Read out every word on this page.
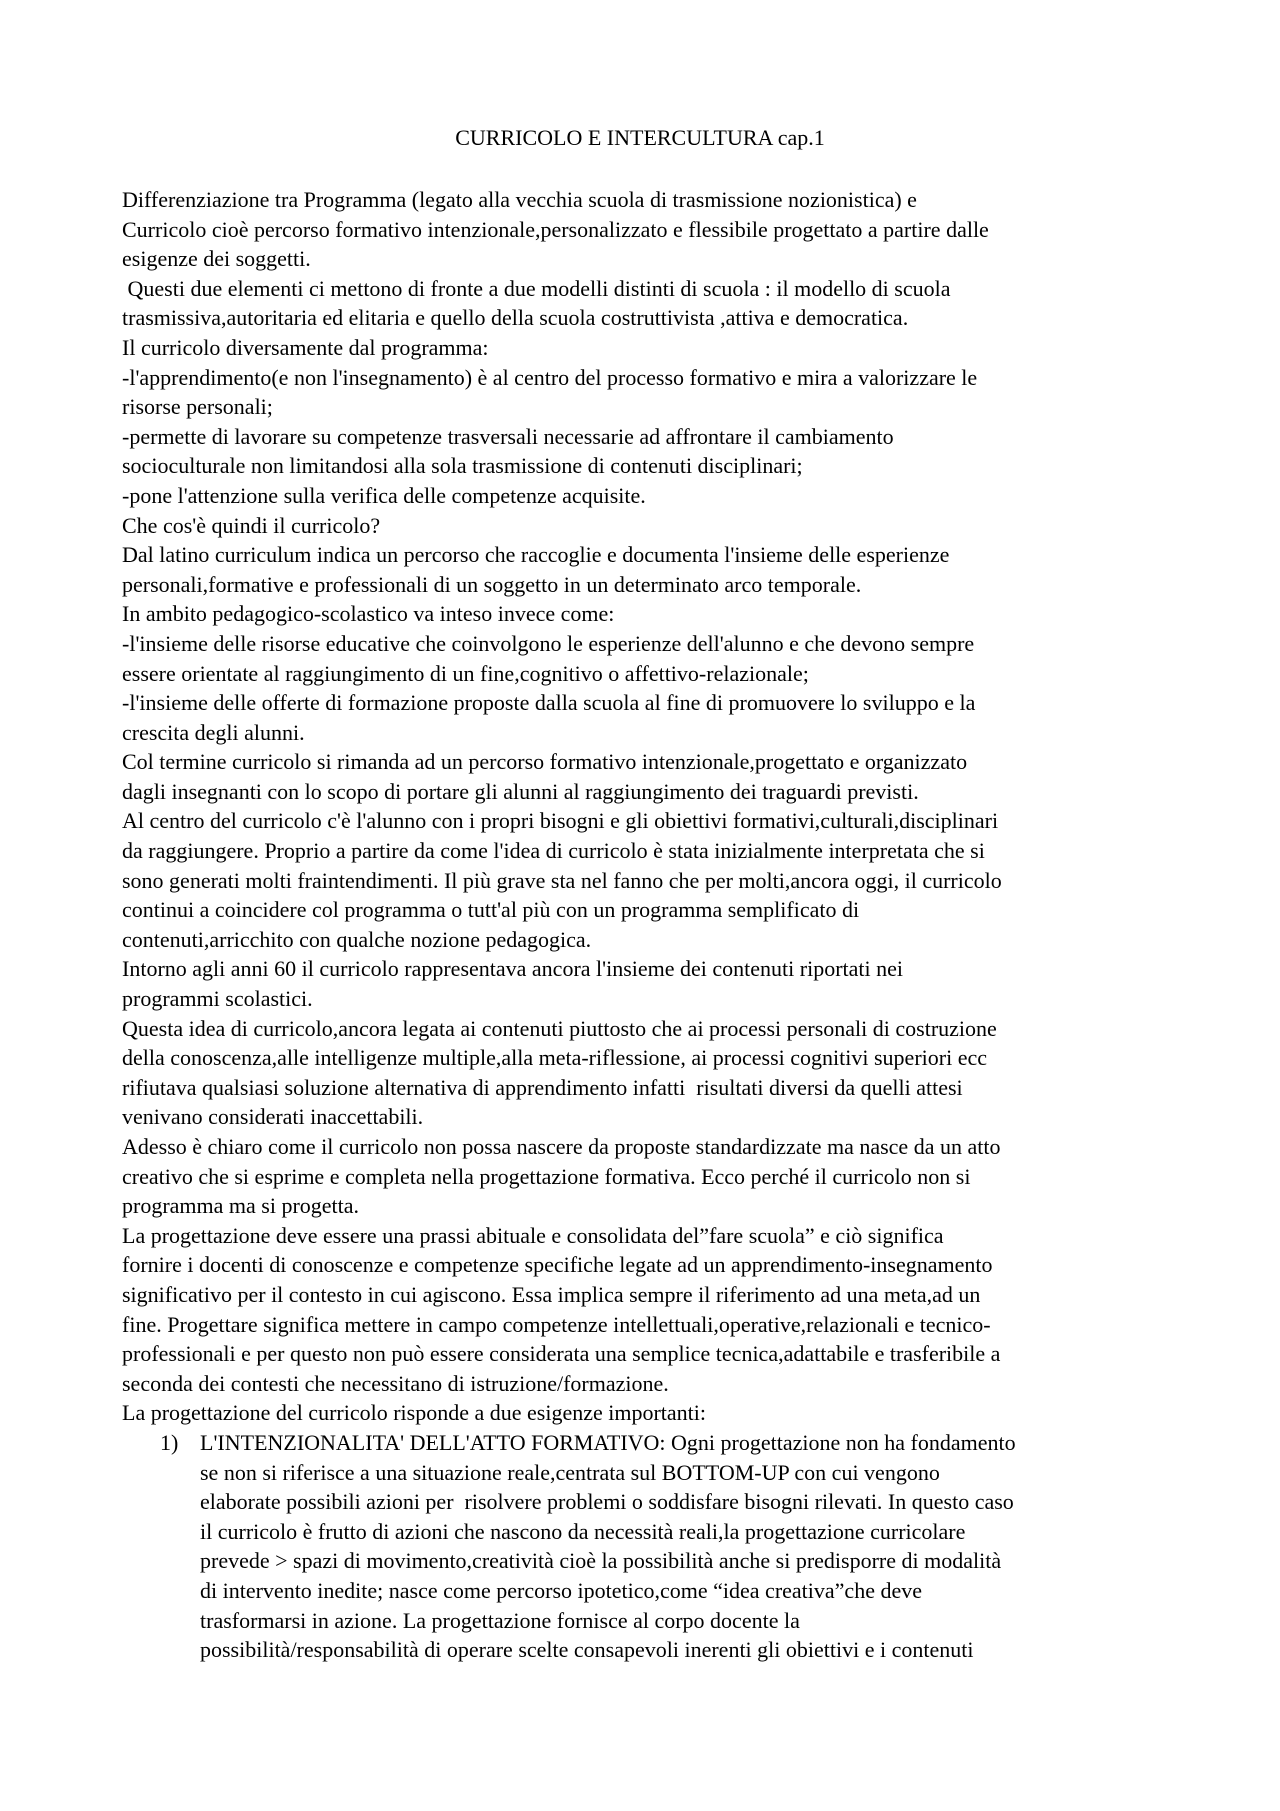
CURRICOLO E INTERCULTURA cap.1
Differenziazione tra Programma (legato alla vecchia scuola di trasmissione nozionistica) e
Curricolo cioè percorso formativo intenzionale,personalizzato e flessibile progettato a partire dalle
esigenze dei soggetti.
Questi due elementi ci mettono di fronte a due modelli distinti di scuola : il modello di scuola
trasmissiva,autoritaria ed elitaria e quello della scuola costruttivista ,attiva e democratica.
Il curricolo diversamente dal programma:
-l'apprendimento(e non l'insegnamento) è al centro del processo formativo e mira a valorizzare le
risorse personali;
-permette di lavorare su competenze trasversali necessarie ad affrontare il cambiamento
socioculturale non limitandosi alla sola trasmissione di contenuti disciplinari;
-pone l'attenzione sulla verifica delle competenze acquisite.
Che cos'è quindi il curricolo?
Dal latino curriculum indica un percorso che raccoglie e documenta l'insieme delle esperienze
personali,formative e professionali di un soggetto in un determinato arco temporale.
In ambito pedagogico-scolastico va inteso invece come:
-l'insieme delle risorse educative che coinvolgono le esperienze dell'alunno e che devono sempre
essere orientate al raggiungimento di un fine,cognitivo o affettivo-relazionale;
-l'insieme delle offerte di formazione proposte dalla scuola al fine di promuovere lo sviluppo e la
crescita degli alunni.
Col termine curricolo si rimanda ad un percorso formativo intenzionale,progettato e organizzato
dagli insegnanti con lo scopo di portare gli alunni al raggiungimento dei traguardi previsti.
Al centro del curricolo c'è l'alunno con i propri bisogni e gli obiettivi formativi,culturali,disciplinari
da raggiungere. Proprio a partire da come l'idea di curricolo è stata inizialmente interpretata che si
sono generati molti fraintendimenti. Il più grave sta nel fanno che per molti,ancora oggi, il curricolo
continui a coincidere col programma o tutt'al più con un programma semplificato di
contenuti,arricchito con qualche nozione pedagogica.
Intorno agli anni 60 il curricolo rappresentava ancora l'insieme dei contenuti riportati nei
programmi scolastici.
Questa idea di curricolo,ancora legata ai contenuti piuttosto che ai processi personali di costruzione
della conoscenza,alle intelligenze multiple,alla meta-riflessione, ai processi cognitivi superiori ecc
rifiutava qualsiasi soluzione alternativa di apprendimento infatti  risultati diversi da quelli attesi
venivano considerati inaccettabili.
Adesso è chiaro come il curricolo non possa nascere da proposte standardizzate ma nasce da un atto
creativo che si esprime e completa nella progettazione formativa. Ecco perché il curricolo non si
programma ma si progetta.
La progettazione deve essere una prassi abituale e consolidata del”fare scuola” e ciò significa
fornire i docenti di conoscenze e competenze specifiche legate ad un apprendimento-insegnamento
significativo per il contesto in cui agiscono. Essa implica sempre il riferimento ad una meta,ad un
fine. Progettare significa mettere in campo competenze intellettuali,operative,relazionali e tecnico-
professionali e per questo non può essere considerata una semplice tecnica,adattabile e trasferibile a
seconda dei contesti che necessitano di istruzione/formazione.
La progettazione del curricolo risponde a due esigenze importanti:
1) L'INTENZIONALITA' DELL'ATTO FORMATIVO: Ogni progettazione non ha fondamento
se non si riferisce a una situazione reale,centrata sul BOTTOM-UP con cui vengono
elaborate possibili azioni per  risolvere problemi o soddisfare bisogni rilevati. In questo caso
il curricolo è frutto di azioni che nascono da necessità reali,la progettazione curricolare
prevede > spazi di movimento,creatività cioè la possibilità anche si predisporre di modalità
di intervento inedite; nasce come percorso ipotetico,come “idea creativa”che deve
trasformarsi in azione. La progettazione fornisce al corpo docente la
possibilità/responsabilità di operare scelte consapevoli inerenti gli obiettivi e i contenuti
